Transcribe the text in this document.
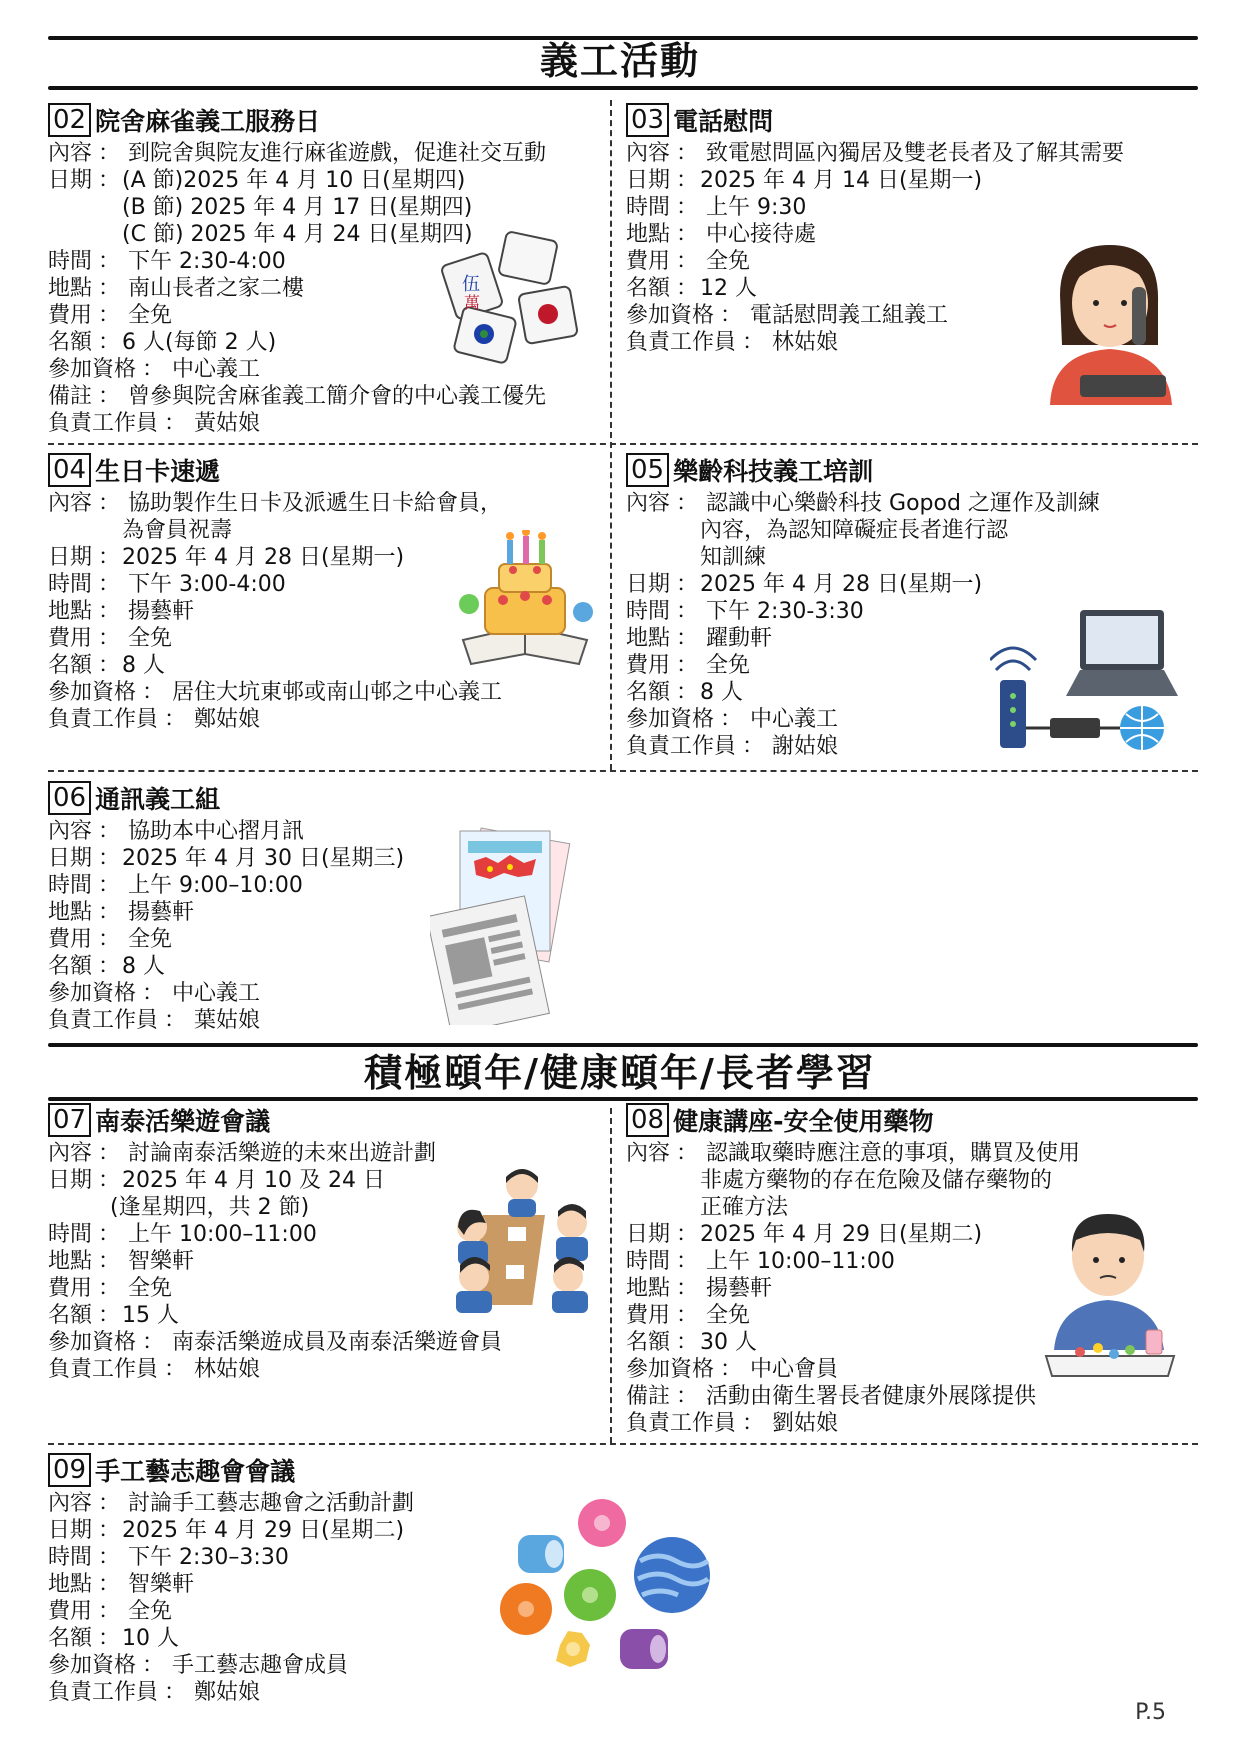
義工活動
02 院舍麻雀義工服務日
內容 ： 到院舍與院友進行麻雀遊戲，促進社交互動
日期 ： (A 節)2025 年 4 月 10 日(星期四)
(B 節) 2025 年 4 月 17 日(星期四)
(C 節) 2025 年 4 月 24 日(星期四)
時間 ： 下午 2:30-4:00
地點 ： 南山長者之家二樓
費用 ： 全免
名額 ： 6 人(每節 2 人)
參加資格 ： 中心義工
備註 ： 曾參與院舍麻雀義工簡介會的中心義工優先
負責工作員 ： 黃姑娘
伍
萬
03 電話慰問
內容 ： 致電慰問區內獨居及雙老長者及了解其需要
日期 ： 2025 年 4 月 14 日(星期一)
時間 ： 上午 9:30
地點 ： 中心接待處
費用 ： 全免
名額 ： 12 人
參加資格 ： 電話慰問義工組義工
負責工作員 ： 林姑娘
04 生日卡速遞
內容 ： 協助製作生日卡及派遞生日卡給會員，
為會員祝壽
日期 ： 2025 年 4 月 28 日(星期一)
時間 ： 下午 3:00-4:00
地點 ： 揚藝軒
費用 ： 全免
名額 ： 8 人
參加資格 ： 居住大坑東邨或南山邨之中心義工
負責工作員 ： 鄭姑娘
05 樂齡科技義工培訓
內容 ： 認識中心樂齡科技 Gopod 之運作及訓練
內容，為認知障礙症長者進行認
知訓練
日期 ： 2025 年 4 月 28 日(星期一)
時間 ： 下午 2:30-3:30
地點 ： 躍動軒
費用 ： 全免
名額 ： 8 人
參加資格 ： 中心義工
負責工作員 ： 謝姑娘
06 通訊義工組
內容 ： 協助本中心摺月訊
日期 ： 2025 年 4 月 30 日(星期三)
時間 ： 上午 9:00–10:00
地點 ： 揚藝軒
費用 ： 全免
名額 ： 8 人
參加資格 ： 中心義工
負責工作員 ： 葉姑娘
積極頤年/健康頤年/長者學習
07 南泰活樂遊會議
內容 ： 討論南泰活樂遊的未來出遊計劃
日期 ： 2025 年 4 月 10 及 24 日
(逢星期四，共 2 節)
時間 ： 上午 10:00–11:00
地點 ： 智樂軒
費用 ： 全免
名額 ： 15 人
參加資格 ： 南泰活樂遊成員及南泰活樂遊會員
負責工作員 ： 林姑娘
08 健康講座-安全使用藥物
內容 ： 認識取藥時應注意的事項，購買及使用
非處方藥物的存在危險及儲存藥物的
正確方法
日期 ： 2025 年 4 月 29 日(星期二)
時間 ： 上午 10:00–11:00
地點 ： 揚藝軒
費用 ： 全免
名額 ： 30 人
參加資格 ： 中心會員
備註 ： 活動由衛生署長者健康外展隊提供
負責工作員 ： 劉姑娘
09 手工藝志趣會會議
內容 ： 討論手工藝志趣會之活動計劃
日期 ： 2025 年 4 月 29 日(星期二)
時間 ： 下午 2:30–3:30
地點 ： 智樂軒
費用 ： 全免
名額 ： 10 人
參加資格 ： 手工藝志趣會成員
負責工作員 ： 鄭姑娘
P.5
